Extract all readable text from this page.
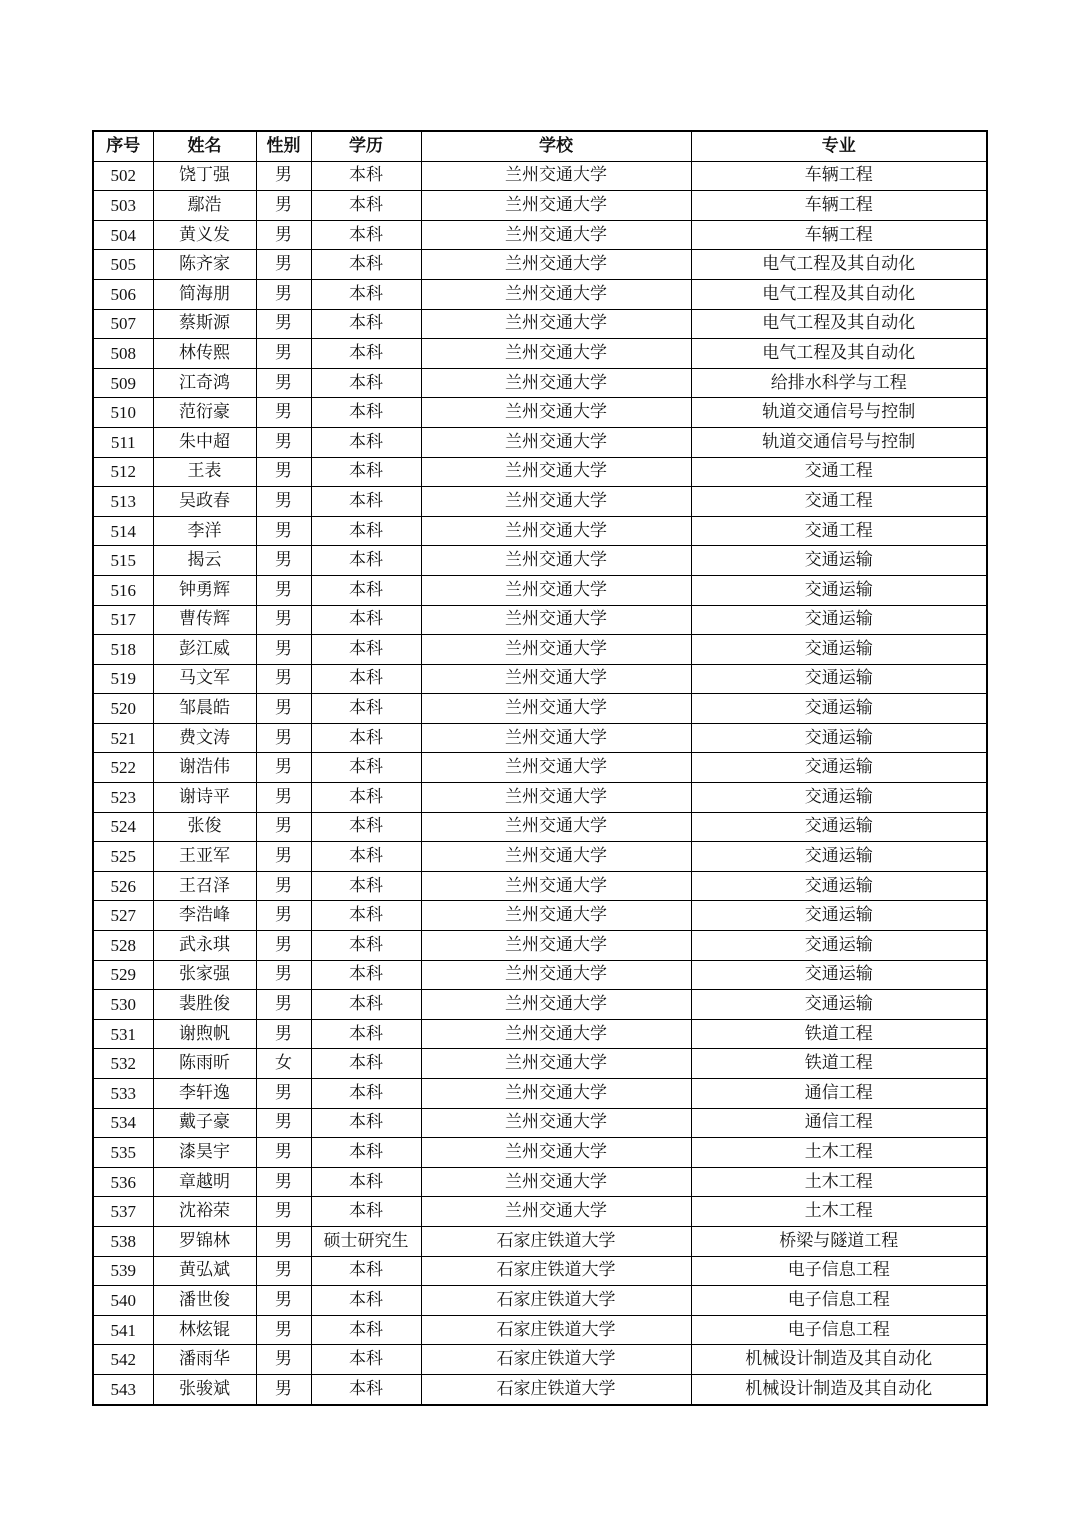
序号	姓名	性别	学历	学校	专业
502	饶丁强	男	本科	兰州交通大学	车辆工程
503	鄢浩	男	本科	兰州交通大学	车辆工程
504	黄义发	男	本科	兰州交通大学	车辆工程
505	陈齐家	男	本科	兰州交通大学	电气工程及其自动化
506	简海朋	男	本科	兰州交通大学	电气工程及其自动化
507	蔡斯源	男	本科	兰州交通大学	电气工程及其自动化
508	林传熙	男	本科	兰州交通大学	电气工程及其自动化
509	江奇鸿	男	本科	兰州交通大学	给排水科学与工程
510	范衍豪	男	本科	兰州交通大学	轨道交通信号与控制
511	朱中超	男	本科	兰州交通大学	轨道交通信号与控制
512	王表	男	本科	兰州交通大学	交通工程
513	吴政春	男	本科	兰州交通大学	交通工程
514	李洋	男	本科	兰州交通大学	交通工程
515	揭云	男	本科	兰州交通大学	交通运输
516	钟勇辉	男	本科	兰州交通大学	交通运输
517	曹传辉	男	本科	兰州交通大学	交通运输
518	彭江威	男	本科	兰州交通大学	交通运输
519	马文军	男	本科	兰州交通大学	交通运输
520	邹晨皓	男	本科	兰州交通大学	交通运输
521	费文涛	男	本科	兰州交通大学	交通运输
522	谢浩伟	男	本科	兰州交通大学	交通运输
523	谢诗平	男	本科	兰州交通大学	交通运输
524	张俊	男	本科	兰州交通大学	交通运输
525	王亚军	男	本科	兰州交通大学	交通运输
526	王召泽	男	本科	兰州交通大学	交通运输
527	李浩峰	男	本科	兰州交通大学	交通运输
528	武永琪	男	本科	兰州交通大学	交通运输
529	张家强	男	本科	兰州交通大学	交通运输
530	裴胜俊	男	本科	兰州交通大学	交通运输
531	谢煦帆	男	本科	兰州交通大学	铁道工程
532	陈雨昕	女	本科	兰州交通大学	铁道工程
533	李轩逸	男	本科	兰州交通大学	通信工程
534	戴子豪	男	本科	兰州交通大学	通信工程
535	漆昊宇	男	本科	兰州交通大学	土木工程
536	章越明	男	本科	兰州交通大学	土木工程
537	沈裕荣	男	本科	兰州交通大学	土木工程
538	罗锦林	男	硕士研究生	石家庄铁道大学	桥梁与隧道工程
539	黄弘斌	男	本科	石家庄铁道大学	电子信息工程
540	潘世俊	男	本科	石家庄铁道大学	电子信息工程
541	林炫锟	男	本科	石家庄铁道大学	电子信息工程
542	潘雨华	男	本科	石家庄铁道大学	机械设计制造及其自动化
543	张骏斌	男	本科	石家庄铁道大学	机械设计制造及其自动化
